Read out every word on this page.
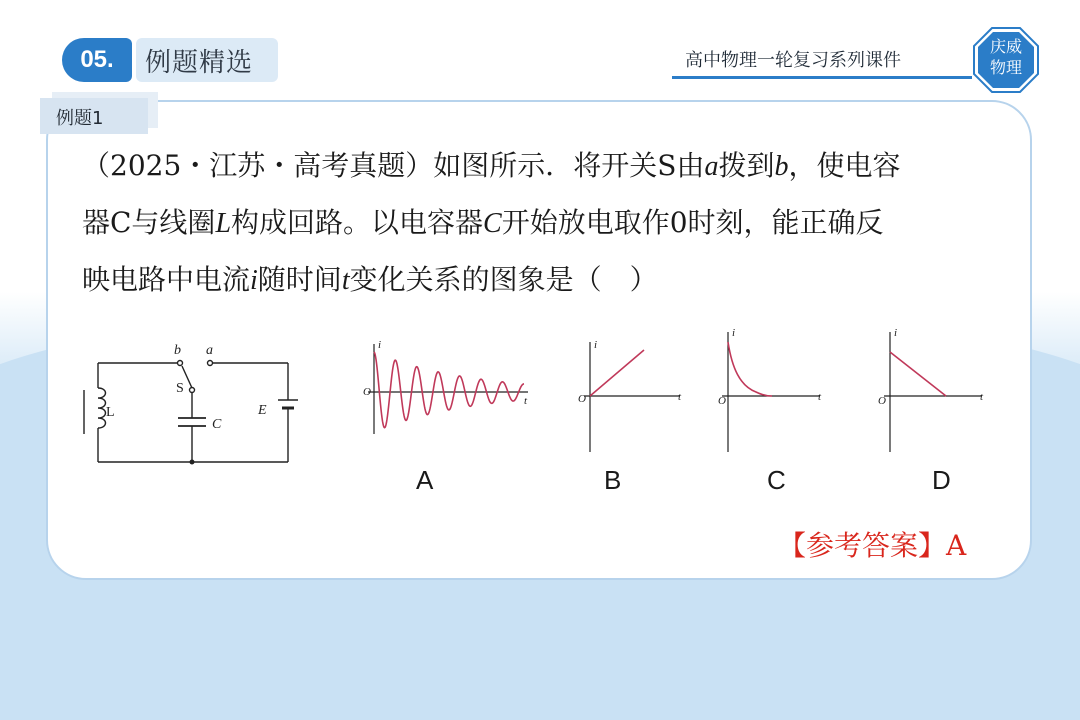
05.	例题精选	高中物理一轮复习系列课件
庆威
物理
例题1

（2025・江苏・高考真题）如图所示．将开关S由a拨到b，使电容

器C与线圈L构成回路。以电容器C开始放电取作0时刻，能正确反

映电路中电流i随时间t变化关系的图象是（　）

b a
S
L
C
E
i
t
O
i
t
O
i
t
O
i
t
O
A	B	C	D
【参考答案】A
